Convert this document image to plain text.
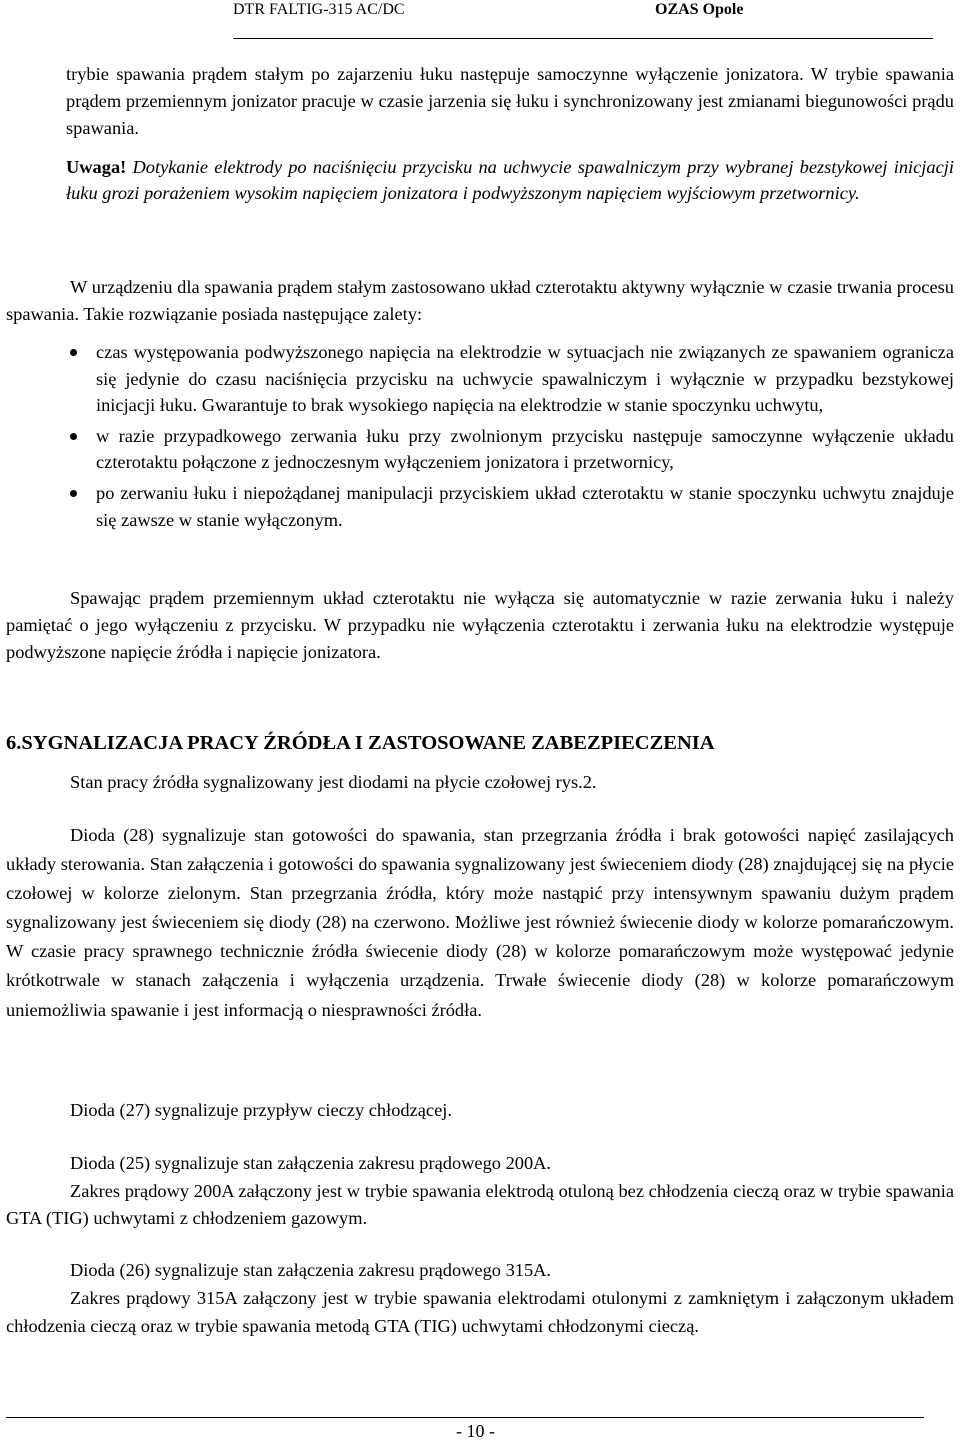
DTR FALTIG-315 AC/DC	OZAS Opole

trybie spawania prądem stałym po zajarzeniu łuku następuje samoczynne wyłączenie jonizatora. W trybie spawania prądem przemiennym jonizator pracuje w czasie jarzenia się łuku i synchronizowany jest zmianami biegunowości prądu spawania.

Uwaga! Dotykanie elektrody po naciśnięciu przycisku na uchwycie spawalniczym przy wybranej bezstykowej inicjacji łuku grozi porażeniem wysokim napięciem jonizatora i podwyższonym napięciem wyjściowym przetwornicy.

W urządzeniu dla spawania prądem stałym zastosowano układ czterotaktu aktywny wyłącznie w czasie trwania procesu spawania. Takie rozwiązanie posiada następujące zalety:

czas występowania podwyższonego napięcia na elektrodzie w sytuacjach nie związanych ze spawaniem ogranicza się jedynie do czasu naciśnięcia przycisku na uchwycie spawalniczym i wyłącznie w przypadku bezstykowej inicjacji łuku. Gwarantuje to brak wysokiego napięcia na elektrodzie w stanie spoczynku uchwytu,
w razie przypadkowego zerwania łuku przy zwolnionym przycisku następuje samoczynne wyłączenie układu czterotaktu połączone z jednoczesnym wyłączeniem jonizatora i przetwornicy,
po zerwaniu łuku i niepożądanej manipulacji przyciskiem układ czterotaktu w stanie spoczynku uchwytu znajduje się zawsze w stanie wyłączonym.

Spawając prądem przemiennym układ czterotaktu nie wyłącza się automatycznie w razie zerwania łuku i należy pamiętać o jego wyłączeniu z przycisku. W przypadku nie wyłączenia czterotaktu i zerwania łuku na elektrodzie występuje podwyższone napięcie źródła i napięcie jonizatora.

6.SYGNALIZACJA PRACY ŹRÓDŁA I ZASTOSOWANE ZABEZPIECZENIA

Stan pracy źródła sygnalizowany jest diodami na płycie czołowej rys.2.

Dioda (28) sygnalizuje stan gotowości do spawania, stan przegrzania źródła i brak gotowości napięć zasilających układy sterowania. Stan załączenia i gotowości do spawania sygnalizowany jest świeceniem diody (28) znajdującej się na płycie czołowej w kolorze zielonym. Stan przegrzania źródła, który może nastąpić przy intensywnym spawaniu dużym prądem sygnalizowany jest świeceniem się diody (28) na czerwono. Możliwe jest również świecenie diody w kolorze pomarańczowym. W czasie pracy sprawnego technicznie źródła świecenie diody (28) w kolorze pomarańczowym może występować jedynie krótkotrwale w stanach załączenia i wyłączenia urządzenia. Trwałe świecenie diody (28) w kolorze pomarańczowym uniemożliwia spawanie i jest informacją o niesprawności źródła.

Dioda (27) sygnalizuje przypływ cieczy chłodzącej.

Dioda (25) sygnalizuje stan załączenia zakresu prądowego 200A.

Zakres prądowy 200A załączony jest w trybie spawania elektrodą otuloną bez chłodzenia cieczą oraz w trybie spawania GTA (TIG) uchwytami z chłodzeniem gazowym.

Dioda (26) sygnalizuje stan załączenia zakresu prądowego 315A.

Zakres prądowy 315A załączony jest w trybie spawania elektrodami otulonymi z zamkniętym i załączonym układem chłodzenia cieczą oraz w trybie spawania metodą GTA (TIG) uchwytami chłodzonymi cieczą.

- 10 -
